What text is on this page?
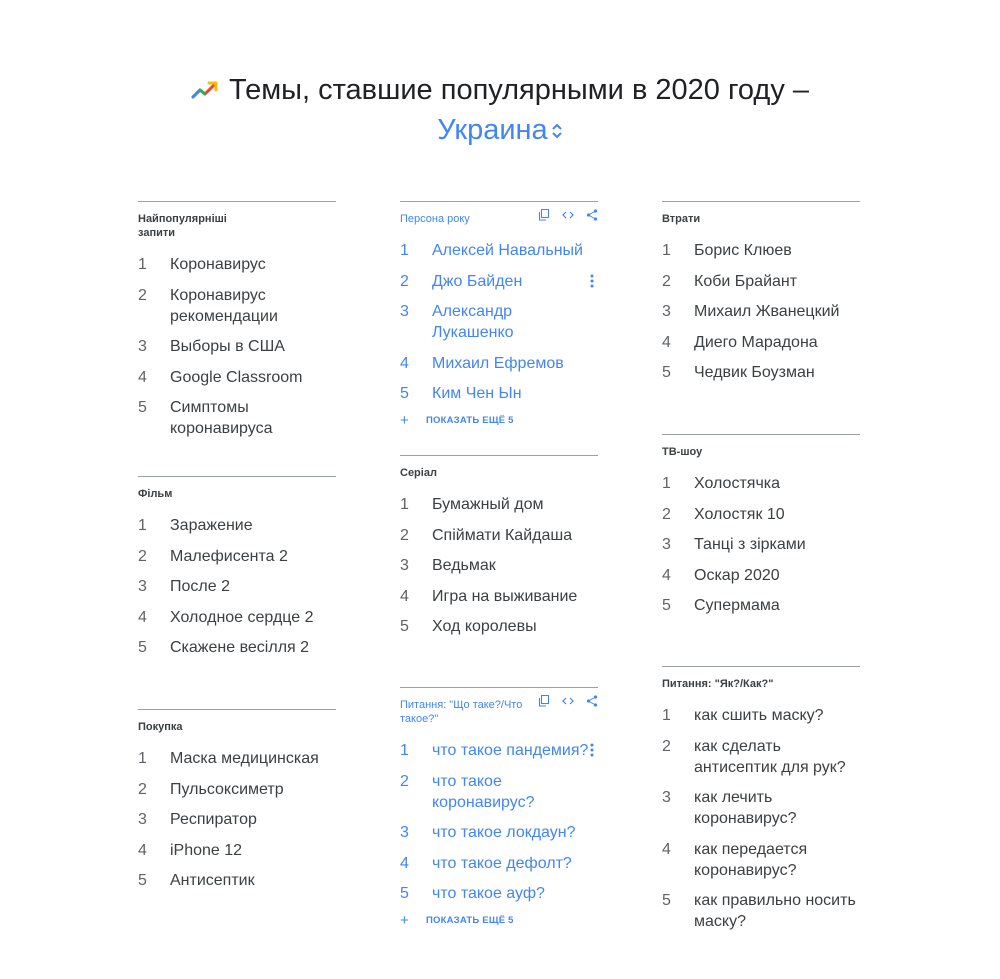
Темы, ставшие популярными в 2020 году –
Украина
Найпопулярніші запити
1	Коронавирус
2	Коронавирус рекомендации
3	Выборы в США
4	Google Classroom
5	Симптомы коронавируса
Фільм
1	Заражение
2	Малефисента 2
3	После 2
4	Холодное сердце 2
5	Скажене весілля 2
Покупка
1	Маска медицинская
2	Пульсоксиметр
3	Респиратор
4	iPhone 12
5	Антисептик
Персона року
1	Алексей Навальный
2	Джо Байден
3	Александр Лукашенко
4	Михаил Ефремов
5	Ким Чен Ын
+	ПОКАЗАТЬ ЕЩЁ 5
Серіал
1	Бумажный дом
2	Спіймати Кайдаша
3	Ведьмак
4	Игра на выживание
5	Ход королевы
Питання: "Що таке?/Что такое?"
1	что такое пандемия?
2	что такое коронавирус?
3	что такое локдаун?
4	что такое дефолт?
5	что такое ауф?
+	ПОКАЗАТЬ ЕЩЁ 5
Втрати
1	Борис Клюев
2	Коби Брайант
3	Михаил Жванецкий
4	Диего Марадона
5	Чедвик Боузман
ТВ-шоу
1	Холостячка
2	Холостяк 10
3	Танці з зірками
4	Оскар 2020
5	Супермама
Питання: "Як?/Как?"
1	как сшить маску?
2	как сделать антисептик для рук?
3	как лечить коронавирус?
4	как передается коронавирус?
5	как правильно носить маску?
